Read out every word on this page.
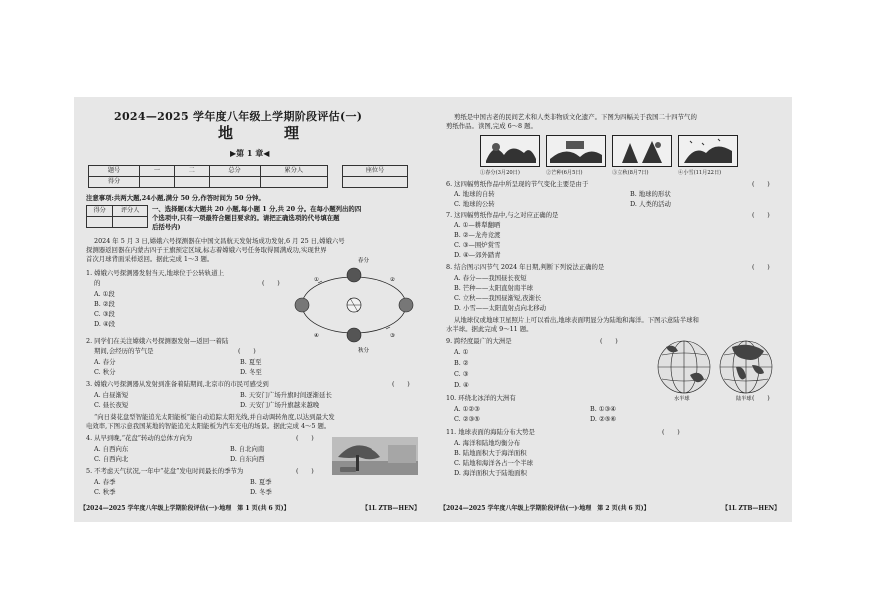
2024—2025 学年度八年级上学期阶段评估(一)
地　理
▶第 1 章◀
题号	一	二	总分	累分人
得分				
座位号

注意事项:共两大题,24小题,满分 50 分,作答时间为 50 分钟。
得分	评分人
	一、选择题(本大题共 20 小题,每小题 1 分,共 20 分。在每小题列出的四
个选项中,只有一项最符合题目要求的。请把正确选项的代号填在题
后括号内)
2024 年 5 月 3 日,嫦娥六号探测器在中国文昌航天发射场成功发射,6 月 25 日,嫦娥六号
探测器返回器在内蒙古四子王旗预定区域,标志着嫦娥六号任务取得圆满成功,实现世界
首次月球背面采样返回。据此完成 1～3 题。
1. 嫦娥六号探测器发射当天,地球位于公转轨道上
的	(　　)
A. ①段
B. ②段
C. ③段
D. ④段
春分
秋分
①	②
③
④
2. 同学们在关注嫦娥六号探测器发射—返回一着陆
期间,会经历的节气是	(　　)
A. 春分	B. 夏至
C. 秋分	D. 冬至
3. 嫦娥六号探测器从发射到准备着陆期间,北京市的市民可感受到	(　　)
A. 白昼渐短	B. 天安门广场升旗时间逐渐延长
C. 昼长夜短	D. 天安门广场升旗越来越晚
“向日葵花盘型智能追光太阳能板”能自动追踪太阳光线,并自动调转角度,以达到最大发
电效率,下图示意我国某地的智能追光太阳能板为汽车充电的场景。据此完成 4～5 题。
4. 从早到晚,“花盘”转动的总体方向为	(　　)
A. 自西向东	B. 自北向南
C. 自西向北	D. 自东向西
5. 不考虑天气状况,一年中“花盘”发电时间最长的季节为	(　　)
A. 春季	B. 夏季
C. 秋季	D. 冬季
【2024—2025 学年度八年级上学期阶段评估(一)·地理　第 1 页(共 6 页)】	【1L ZTB—HEN】
剪纸是中国古老的民间艺术和人类非物质文化遗产。下图为四幅关于我国二十四节气的
剪纸作品。读图,完成 6～8 题。
①春分(3月20日)	②芒种(6月5日)	③立秋(8月7日)	④小雪(11月22日)
6. 这四幅剪纸作品中所呈现的节气变化主要是由于	(　　)
A. 地球的自转	B. 地球的形状
C. 地球的公转	D. 人类的活动
7. 这四幅剪纸作品中,与之对应正确的是	(　　)
A. ①—耕犁翻晒
B. ②—龙舟竞渡
C. ③—围炉赏雪
D. ④—郊外踏青
8. 结合图示四节气 2024 年日期,判断下列说法正确的是	(　　)
A. 春分——我国昼长夜短
B. 芒种——太阳直射南半球
C. 立秋——我国昼渐短,夜渐长
D. 小雪——太阳直射点向北移动
从地球仪或地球卫星照片上可以看出,地球表面明显分为陆地和海洋。下图示意陆半球和
水半球。据此完成 9～11 题。
9. 跨经度最广的大洲是	(　　)
A. ①
B. ②
C. ③
D. ④
水半球	陆半球
10. 环绕北冰洋的大洲有	(　　)
A. ①②③	B. ①③④
C. ②③⑤	D. ②⑤⑥
11. 地球表面的海陆分布大势是	(　　)
A. 海洋和陆地均衡分布
B. 陆地面积大于海洋面积
C. 陆地和海洋各占一个半球
D. 海洋面积大于陆地面积
【2024—2025 学年度八年级上学期阶段评估(一)·地理　第 2 页(共 6 页)】	【1L ZTB—HEN】
